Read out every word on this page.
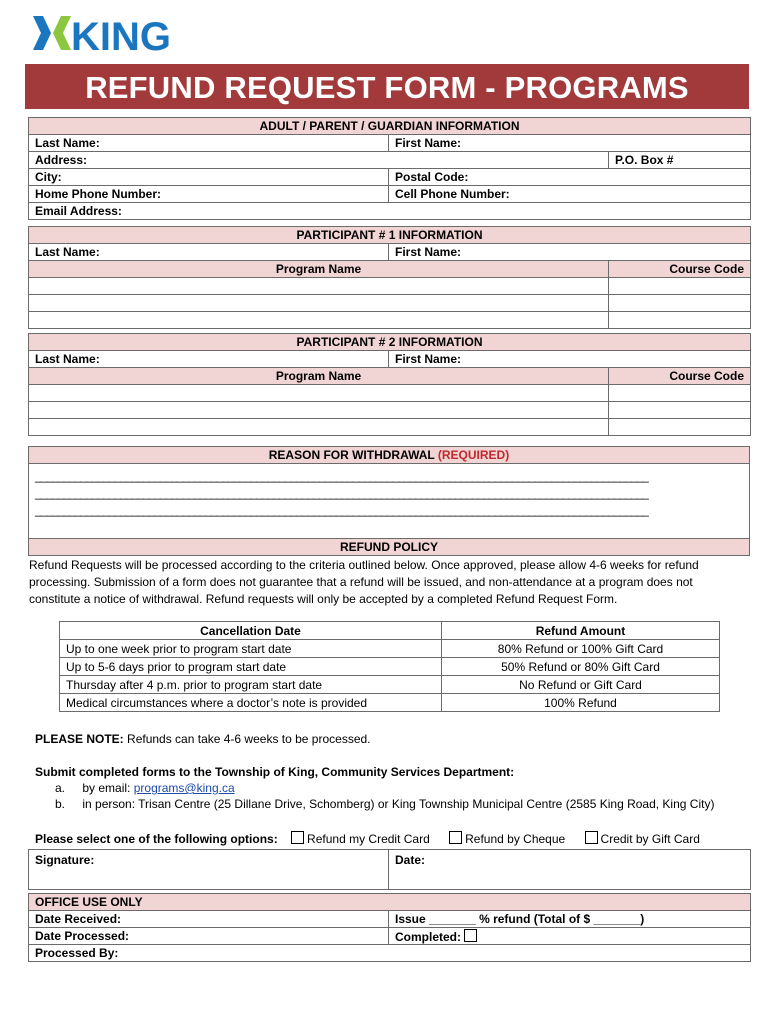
KING
REFUND REQUEST FORM - PROGRAMS
ADULT / PARENT / GUARDIAN INFORMATION		
Last Name:	First Name:	
Address:		P.O. Box #
City:	Postal Code:	
Home Phone Number:	Cell Phone Number:	
Email Address:		
PARTICIPANT # 1 INFORMATION		
Last Name:	First Name:	
Program Name		Course Code

PARTICIPANT # 2 INFORMATION		
Last Name:	First Name:	
Program Name		Course Code

REASON FOR WITHDRAWAL (REQUIRED)

____________________________________________________________________________________________________________
____________________________________________________________________________________________________________
____________________________________________________________________________________________________________

REFUND POLICY
Refund Requests will be processed according to the criteria outlined below. Once approved, please allow 4-6 weeks for refund processing. Submission of a form does not guarantee that a refund will be issued, and non-attendance at a program does not constitute a notice of withdrawal. Refund requests will only be accepted by a completed Refund Request Form.
Cancellation Date	Refund Amount
Up to one week prior to program start date	80% Refund or 100% Gift Card
Up to 5-6 days prior to program start date	50% Refund or 80% Gift Card
Thursday after 4 p.m. prior to program start date	No Refund or Gift Card
Medical circumstances where a doctor’s note is provided	100% Refund
PLEASE NOTE: Refunds can take 4-6 weeks to be processed.
Submit completed forms to the Township of King, Community Services Department:
a. by email: programs@king.ca
b. in person: Trisan Centre (25 Dillane Drive, Schomberg) or King Township Municipal Centre (2585 King Road, King City)
Please select one of the following options: Refund my Credit Card	Refund by Cheque	Credit by Gift Card
Signature:	Date:
OFFICE USE ONLY	
Date Received:	Issue _______ % refund (Total of $ _______)
Date Processed:	Completed:
Processed By:	
